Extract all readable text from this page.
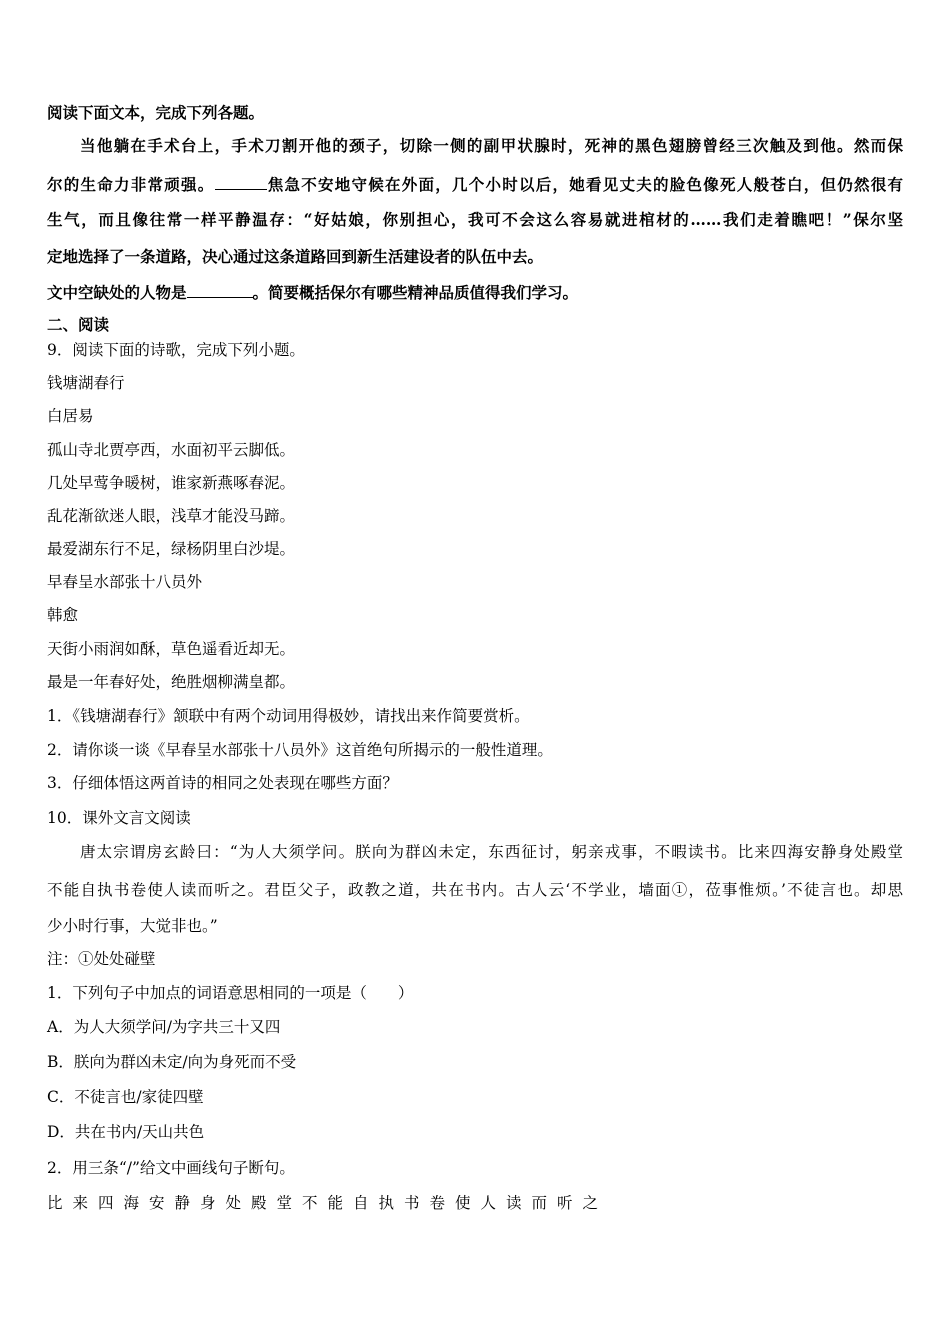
阅读下面文本，完成下列各题。
当他躺在手术台上，手术刀割开他的颈子，切除一侧的副甲状腺时，死神的黑色翅膀曾经三次触及到他。然而保
尔的生命力非常顽强。	焦急不安地守候在外面，几个小时以后，她看见丈夫的脸色像死人般苍白，但仍然很有
生气，而且像往常一样平静温存：“好姑娘，你别担心，我可不会这么容易就进棺材的……我们走着瞧吧！”保尔坚
定地选择了一条道路，决心通过这条道路回到新生活建设者的队伍中去。
文中空缺处的人物是	。简要概括保尔有哪些精神品质值得我们学习。
二、阅读
9．阅读下面的诗歌，完成下列小题。
钱塘湖春行
白居易
孤山寺北贾亭西，水面初平云脚低。
几处早莺争暖树，谁家新燕啄春泥。
乱花渐欲迷人眼，浅草才能没马蹄。
最爱湖东行不足，绿杨阴里白沙堤。
早春呈水部张十八员外
韩愈
天街小雨润如酥，草色遥看近却无。
最是一年春好处，绝胜烟柳满皇都。
1．《钱塘湖春行》颔联中有两个动词用得极妙，请找出来作简要赏析。
2．请你谈一谈《早春呈水部张十八员外》这首绝句所揭示的一般性道理。
3．仔细体悟这两首诗的相同之处表现在哪些方面？
10．课外文言文阅读
唐太宗谓房玄龄曰：“为人大须学问。朕向为群凶未定，东西征讨，躬亲戎事，不暇读书。比来四海安静身处殿堂
不能自执书卷使人读而听之。君臣父子，政教之道，共在书内。古人云‘不学业，墙面①，莅事惟烦。’不徒言也。却思
少小时行事，大觉非也。”
注：①处处碰壁
1．下列句子中加点的词语意思相同的一项是（　　）
A．为人大须学问/为字共三十又四
B．朕向为群凶未定/向为身死而不受
C．不徒言也/家徒四壁
D．共在书内/天山共色
2．用三条“/”给文中画线句子断句。
比来四海安静身处殿堂不能自执书卷使人读而听之
